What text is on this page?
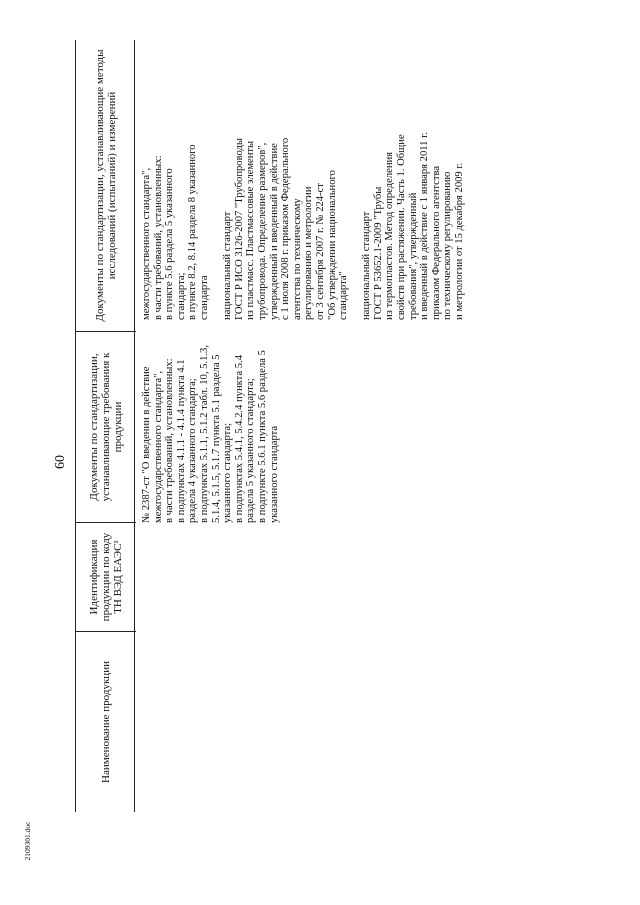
60
2109301.doc
Наименование продукции
Идентификация продукции по коду ТН ВЭД ЕАЭС¹
Документы по стандартизации, устанавливающие требования к продукции
Документы по стандартизации, устанавливающие методы исследований (испытаний) и измерений
№ 2387-ст "О введении в действие
межгосударственного стандарта",
в части требований, установленных:
в подпунктах 4.1.1 - 4.1.4 пункта 4.1
раздела 4 указанного стандарта;
в подпунктах 5.1.1, 5.1.2 табл. 10, 5.1.3,
5.1.4, 5.1.5, 5.1.7 пункта 5.1 раздела 5
указанного стандарта;
в подпунктах 5.4.1, 5.4.2.4 пункта 5.4
раздела 5 указанного стандарта;
в подпункте 5.6.1 пункта 5.6 раздела 5
указанного стандарта
межгосударственного стандарта",
в части требований, установленных:
в пункте 5.6 раздела 5 указанного
стандарта;
в пункте 8.2, 8.14 раздела 8 указанного
стандарта

национальный стандарт
ГОСТ Р ИСО 3126-2007 "Трубопроводы
из пластмасс. Пластмассовые элементы
трубопровода. Определение размеров",
утвержденный и введенный в действие
с 1 июля 2008 г. приказом Федерального
агентства по техническому
регулированию и метрологии
от 3 сентября 2007 г. № 224-ст
"Об утверждении национального
стандарта"

национальный стандарт
ГОСТ Р 53652.1-2009 "Трубы
из термопластов. Метод определения
свойств при растяжении. Часть 1. Общие
требования", утвержденный
и введенный в действие с 1 января 2011 г.
приказом Федерального агентства
по техническому регулированию
и метрологии от 15 декабря 2009 г.
